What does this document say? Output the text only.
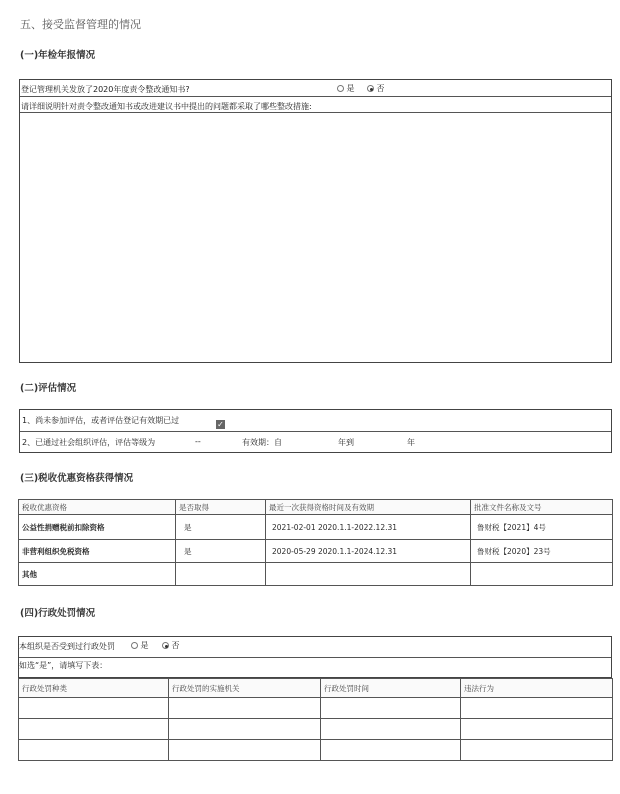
五、接受监督管理的情况
(一)年检年报情况
登记管理机关发放了2020年度责令整改通知书?	是	否
请详细说明针对责令整改通知书或改进建议书中提出的问题都采取了哪些整改措施:
(二)评估情况
1、尚未参加评估，或者评估登记有效期已过	✓
2、已通过社会组织评估，评估等级为	--	有效期：自	年到	年
(三)税收优惠资格获得情况
税收优惠资格	是否取得	最近一次获得资格时间及有效期	批准文件名称及文号
公益性捐赠税前扣除资格	是	2021-02-01 2020.1.1-2022.12.31	鲁财税【2021】4号
非营利组织免税资格	是	2020-05-29 2020.1.1-2024.12.31	鲁财税【2020】23号
其他			
(四)行政处罚情况
本组织是否受到过行政处罚	是	否
如选“是”，请填写下表：
行政处罚种类	行政处罚的实施机关	行政处罚时间	违法行为
